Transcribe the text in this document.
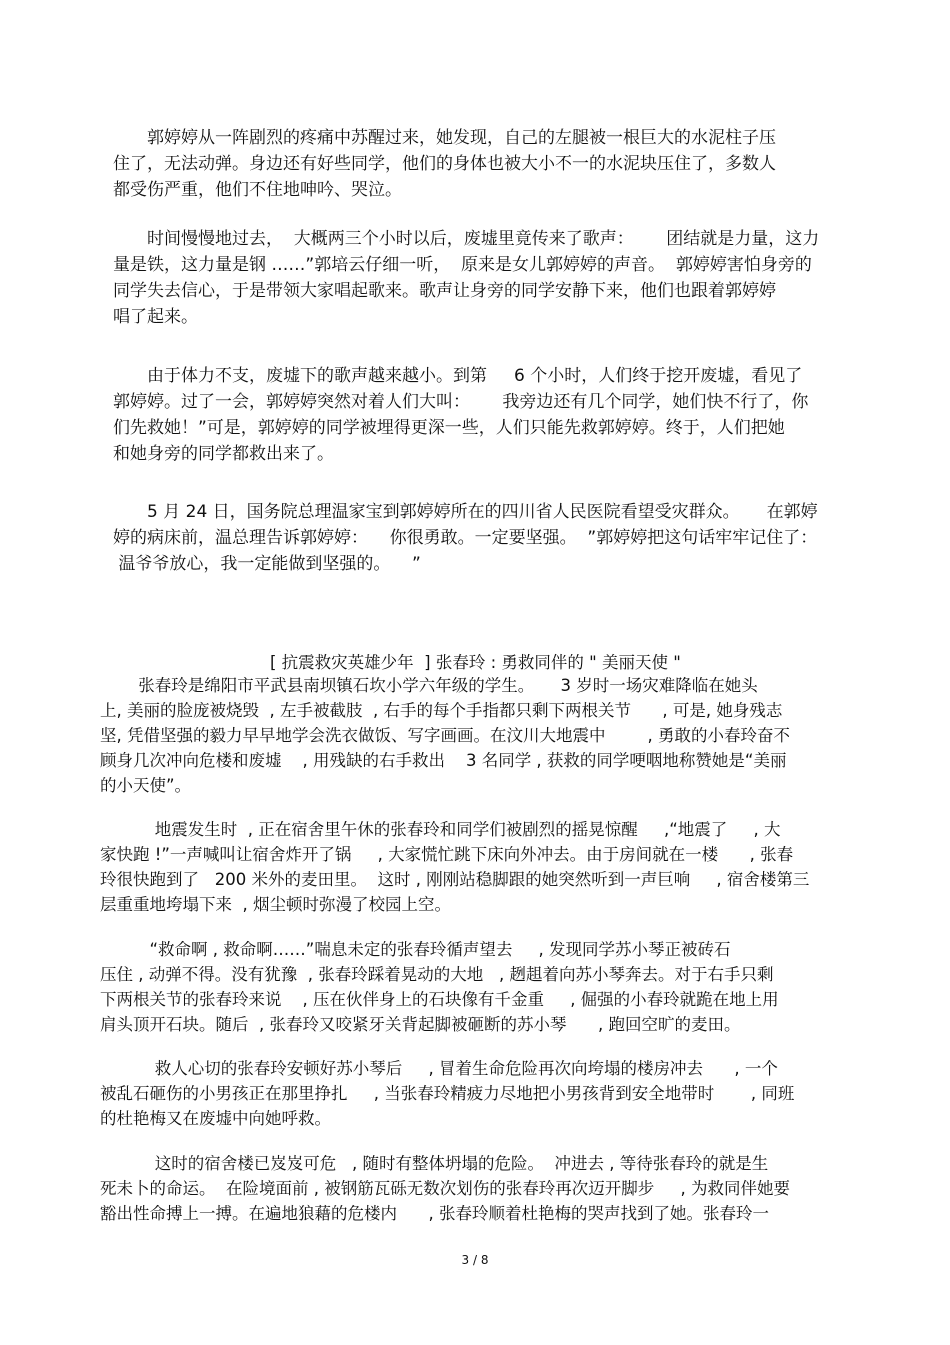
　　郭婷婷从一阵剧烈的疼痛中苏醒过来，她发现，自己的左腿被一根巨大的水泥柱子压
住了，无法动弹。身边还有好些同学，他们的身体也被大小不一的水泥块压住了，多数人
都受伤严重，他们不住地呻吟、哭泣。
　　时间慢慢地过去，  大概两三个小时以后，废墟里竟传来了歌声：      团结就是力量，这力
量是铁，这力量是钢 ……”郭培云仔细一听，  原来是女儿郭婷婷的声音。  郭婷婷害怕身旁的
同学失去信心，于是带领大家唱起歌来。歌声让身旁的同学安静下来，他们也跟着郭婷婷
唱了起来。
　　由于体力不支，废墟下的歌声越来越小。到第     6 个小时，人们终于挖开废墟，看见了
郭婷婷。过了一会，郭婷婷突然对着人们大叫：      我旁边还有几个同学，她们快不行了，你
们先救她！”可是，郭婷婷的同学被埋得更深一些，人们只能先救郭婷婷。终于，人们把她
和她身旁的同学都救出来了。
　　5 月 24 日，国务院总理温家宝到郭婷婷所在的四川省人民医院看望受灾群众。     在郭婷
婷的病床前，温总理告诉郭婷婷：    你很勇敢。一定要坚强。  ”郭婷婷把这句话牢牢记住了：
温爷爷放心，我一定能做到坚强的。    ”
[ 抗震救灾英雄少年  ] 张春玲 : 勇救同伴的 " 美丽天使 "
　　 张春玲是绵阳市平武县南坝镇石坎小学六年级的学生。     3 岁时一场灾难降临在她头
上, 美丽的脸庞被烧毁  , 左手被截肢  , 右手的每个手指都只剩下两根关节      , 可是, 她身残志
坚, 凭借坚强的毅力早早地学会洗衣做饭、写字画画。在汶川大地震中        , 勇敢的小春玲奋不
顾身几次冲向危楼和废墟    , 用残缺的右手救出    3 名同学 , 获救的同学哽咽地称赞她是“美丽
的小天使”。
　　　 地震发生时  , 正在宿舍里午休的张春玲和同学们被剧烈的摇晃惊醒     ,“地震了     , 大
家快跑 !”一声喊叫让宿舍炸开了锅     , 大家慌忙跳下床向外冲去。由于房间就在一楼      , 张春
玲很快跑到了   200 米外的麦田里。  这时 , 刚刚站稳脚跟的她突然听到一声巨响     , 宿舍楼第三
层重重地垮塌下来  , 烟尘顿时弥漫了校园上空。
　　　“救命啊 , 救命啊……”喘息未定的张春玲循声望去     , 发现同学苏小琴正被砖石
压住 , 动弹不得。没有犹豫  , 张春玲踩着晃动的大地   , 趔趄着向苏小琴奔去。对于右手只剩
下两根关节的张春玲来说    , 压在伙伴身上的石块像有千金重     , 倔强的小春玲就跪在地上用
肩头顶开石块。随后  , 张春玲又咬紧牙关背起脚被砸断的苏小琴      , 跑回空旷的麦田。
　　　 救人心切的张春玲安顿好苏小琴后     , 冒着生命危险再次向垮塌的楼房冲去      , 一个
被乱石砸伤的小男孩正在那里挣扎     , 当张春玲精疲力尽地把小男孩背到安全地带时       , 同班
的杜艳梅又在废墟中向她呼救。
　　　 这时的宿舍楼已岌岌可危   , 随时有整体坍塌的危险。  冲进去 , 等待张春玲的就是生
死未卜的命运。  在险境面前 , 被钢筋瓦砾无数次划伤的张春玲再次迈开脚步     , 为救同伴她要
豁出性命搏上一搏。在遍地狼藉的危楼内      , 张春玲顺着杜艳梅的哭声找到了她。张春玲一
3 / 8
